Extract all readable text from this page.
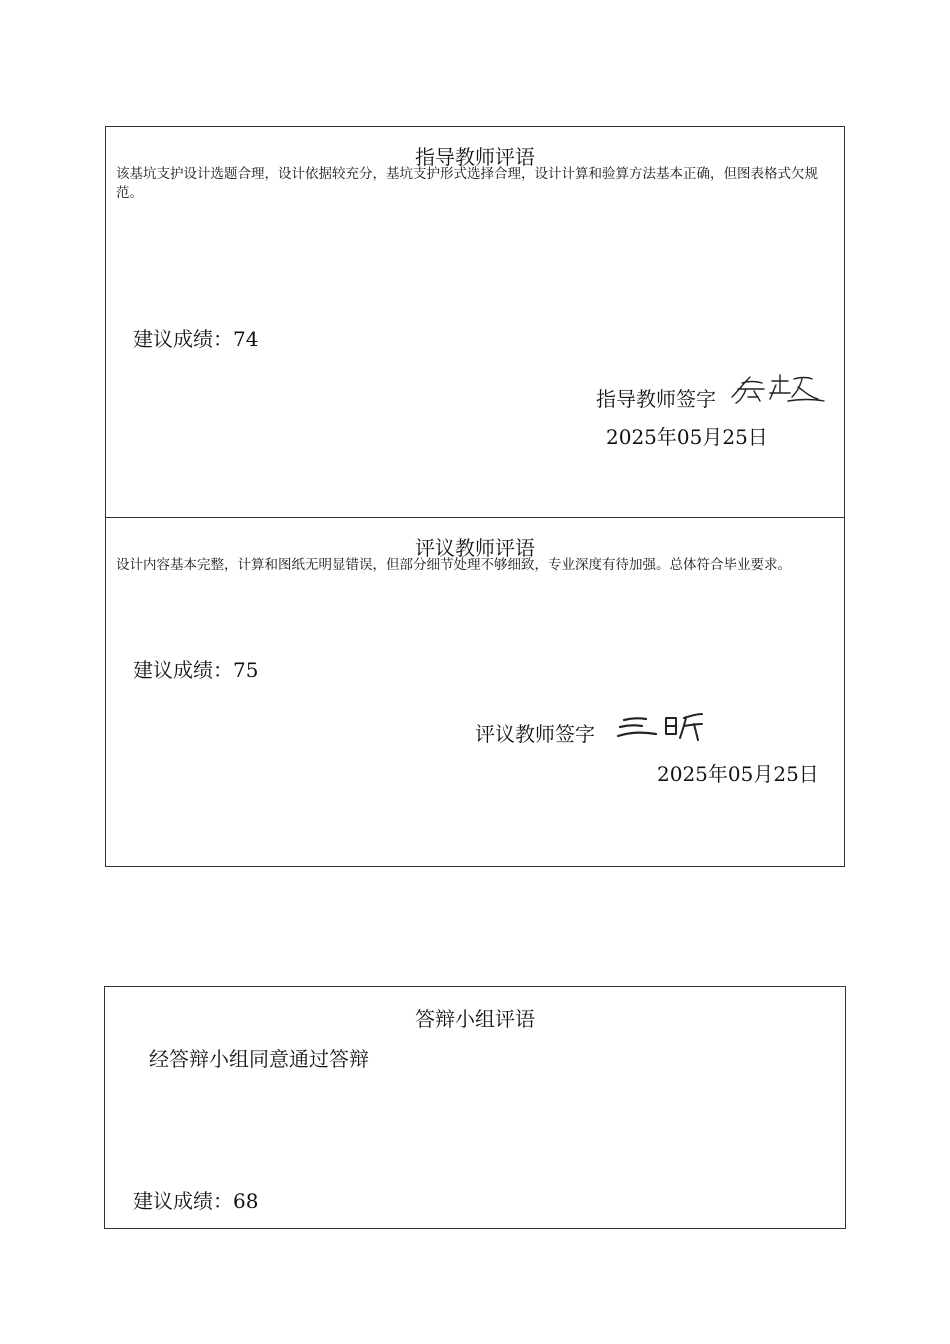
指导教师评语
该基坑支护设计选题合理，设计依据较充分，基坑支护形式选择合理，设计计算和验算方法基本正确，但图表格式欠规范。
建议成绩：74
指导教师签字
2025年05月25日
评议教师评语
设计内容基本完整，计算和图纸无明显错误，但部分细节处理不够细致，专业深度有待加强。总体符合毕业要求。
建议成绩：75
评议教师签字
2025年05月25日
答辩小组评语
经答辩小组同意通过答辩
建议成绩：68
